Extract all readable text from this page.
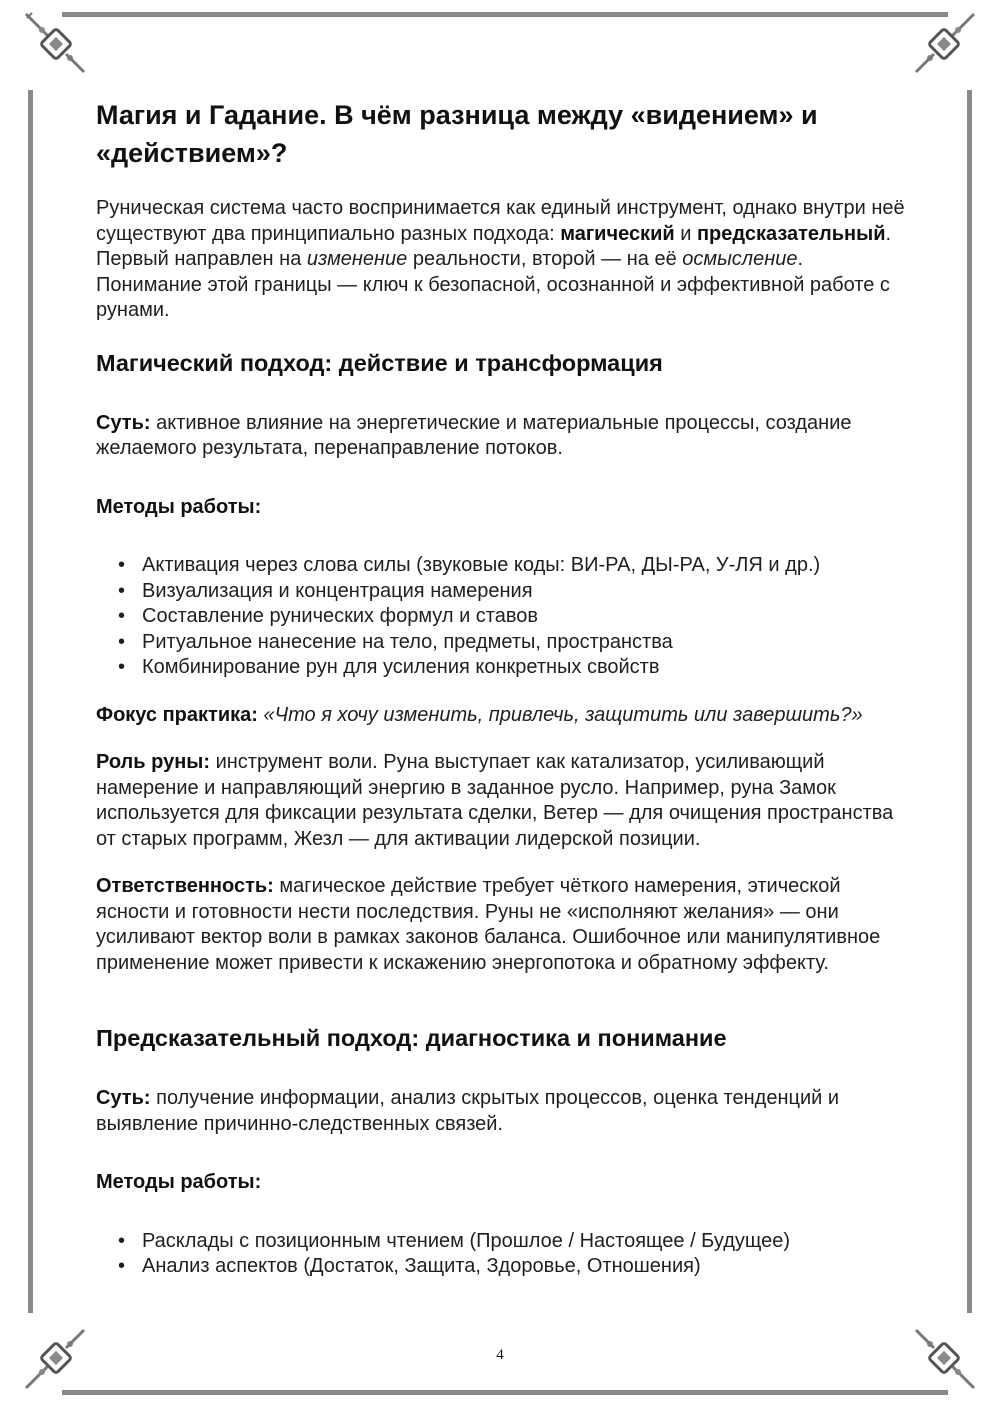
Магия и Гадание. В чём разница между «видением» и «действием»?

Руническая система часто воспринимается как единый инструмент, однако внутри неё существуют два принципиально разных подхода: магический и предсказательный. Первый направлен на изменение реальности, второй — на её осмысление. Понимание этой границы — ключ к безопасной, осознанной и эффективной работе с рунами.

Магический подход: действие и трансформация

Суть: активное влияние на энергетические и материальные процессы, создание желаемого результата, перенаправление потоков.

Методы работы:

• Активация через слова силы (звуковые коды: ВИ-РА, ДЫ-РА, У-ЛЯ и др.)
• Визуализация и концентрация намерения
• Составление рунических формул и ставов
• Ритуальное нанесение на тело, предметы, пространства
• Комбинирование рун для усиления конкретных свойств

Фокус практика: «Что я хочу изменить, привлечь, защитить или завершить?»

Роль руны: инструмент воли. Руна выступает как катализатор, усиливающий намерение и направляющий энергию в заданное русло. Например, руна Замок используется для фиксации результата сделки, Ветер — для очищения пространства от старых программ, Жезл — для активации лидерской позиции.

Ответственность: магическое действие требует чёткого намерения, этической ясности и готовности нести последствия. Руны не «исполняют желания» — они усиливают вектор воли в рамках законов баланса. Ошибочное или манипулятивное применение может привести к искажению энергопотока и обратному эффекту.

Предсказательный подход: диагностика и понимание

Суть: получение информации, анализ скрытых процессов, оценка тенденций и выявление причинно-следственных связей.

Методы работы:

• Расклады с позиционным чтением (Прошлое / Настоящее / Будущее)
• Анализ аспектов (Достаток, Защита, Здоровье, Отношения)
4
